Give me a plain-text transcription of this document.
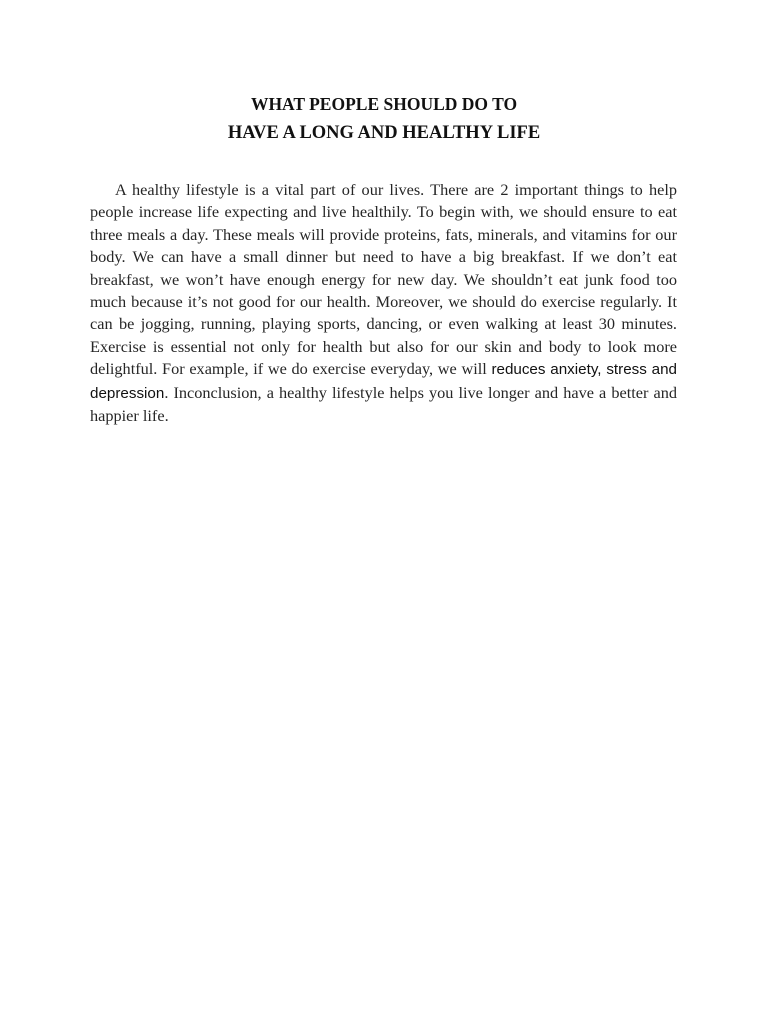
WHAT PEOPLE SHOULD DO TO
HAVE A LONG AND HEALTHY LIFE

A healthy lifestyle is a vital part of our lives. There are 2 important things to help people increase life expecting and live healthily. To begin with, we should ensure to eat three meals a day. These meals will provide proteins, fats, minerals, and vitamins for our body. We can have a small dinner but need to have a big breakfast. If we don’t eat breakfast, we won’t have enough energy for new day. We shouldn’t eat junk food too much because it’s not good for our health. Moreover, we should do exercise regularly. It can be jogging, running, playing sports, dancing, or even walking at least 30 minutes. Exercise is essential not only for health but also for our skin and body to look more delightful. For example, if we do exercise everyday, we will reduces anxiety, stress and depression. Inconclusion, a healthy lifestyle helps you live longer and have a better and happier life.
